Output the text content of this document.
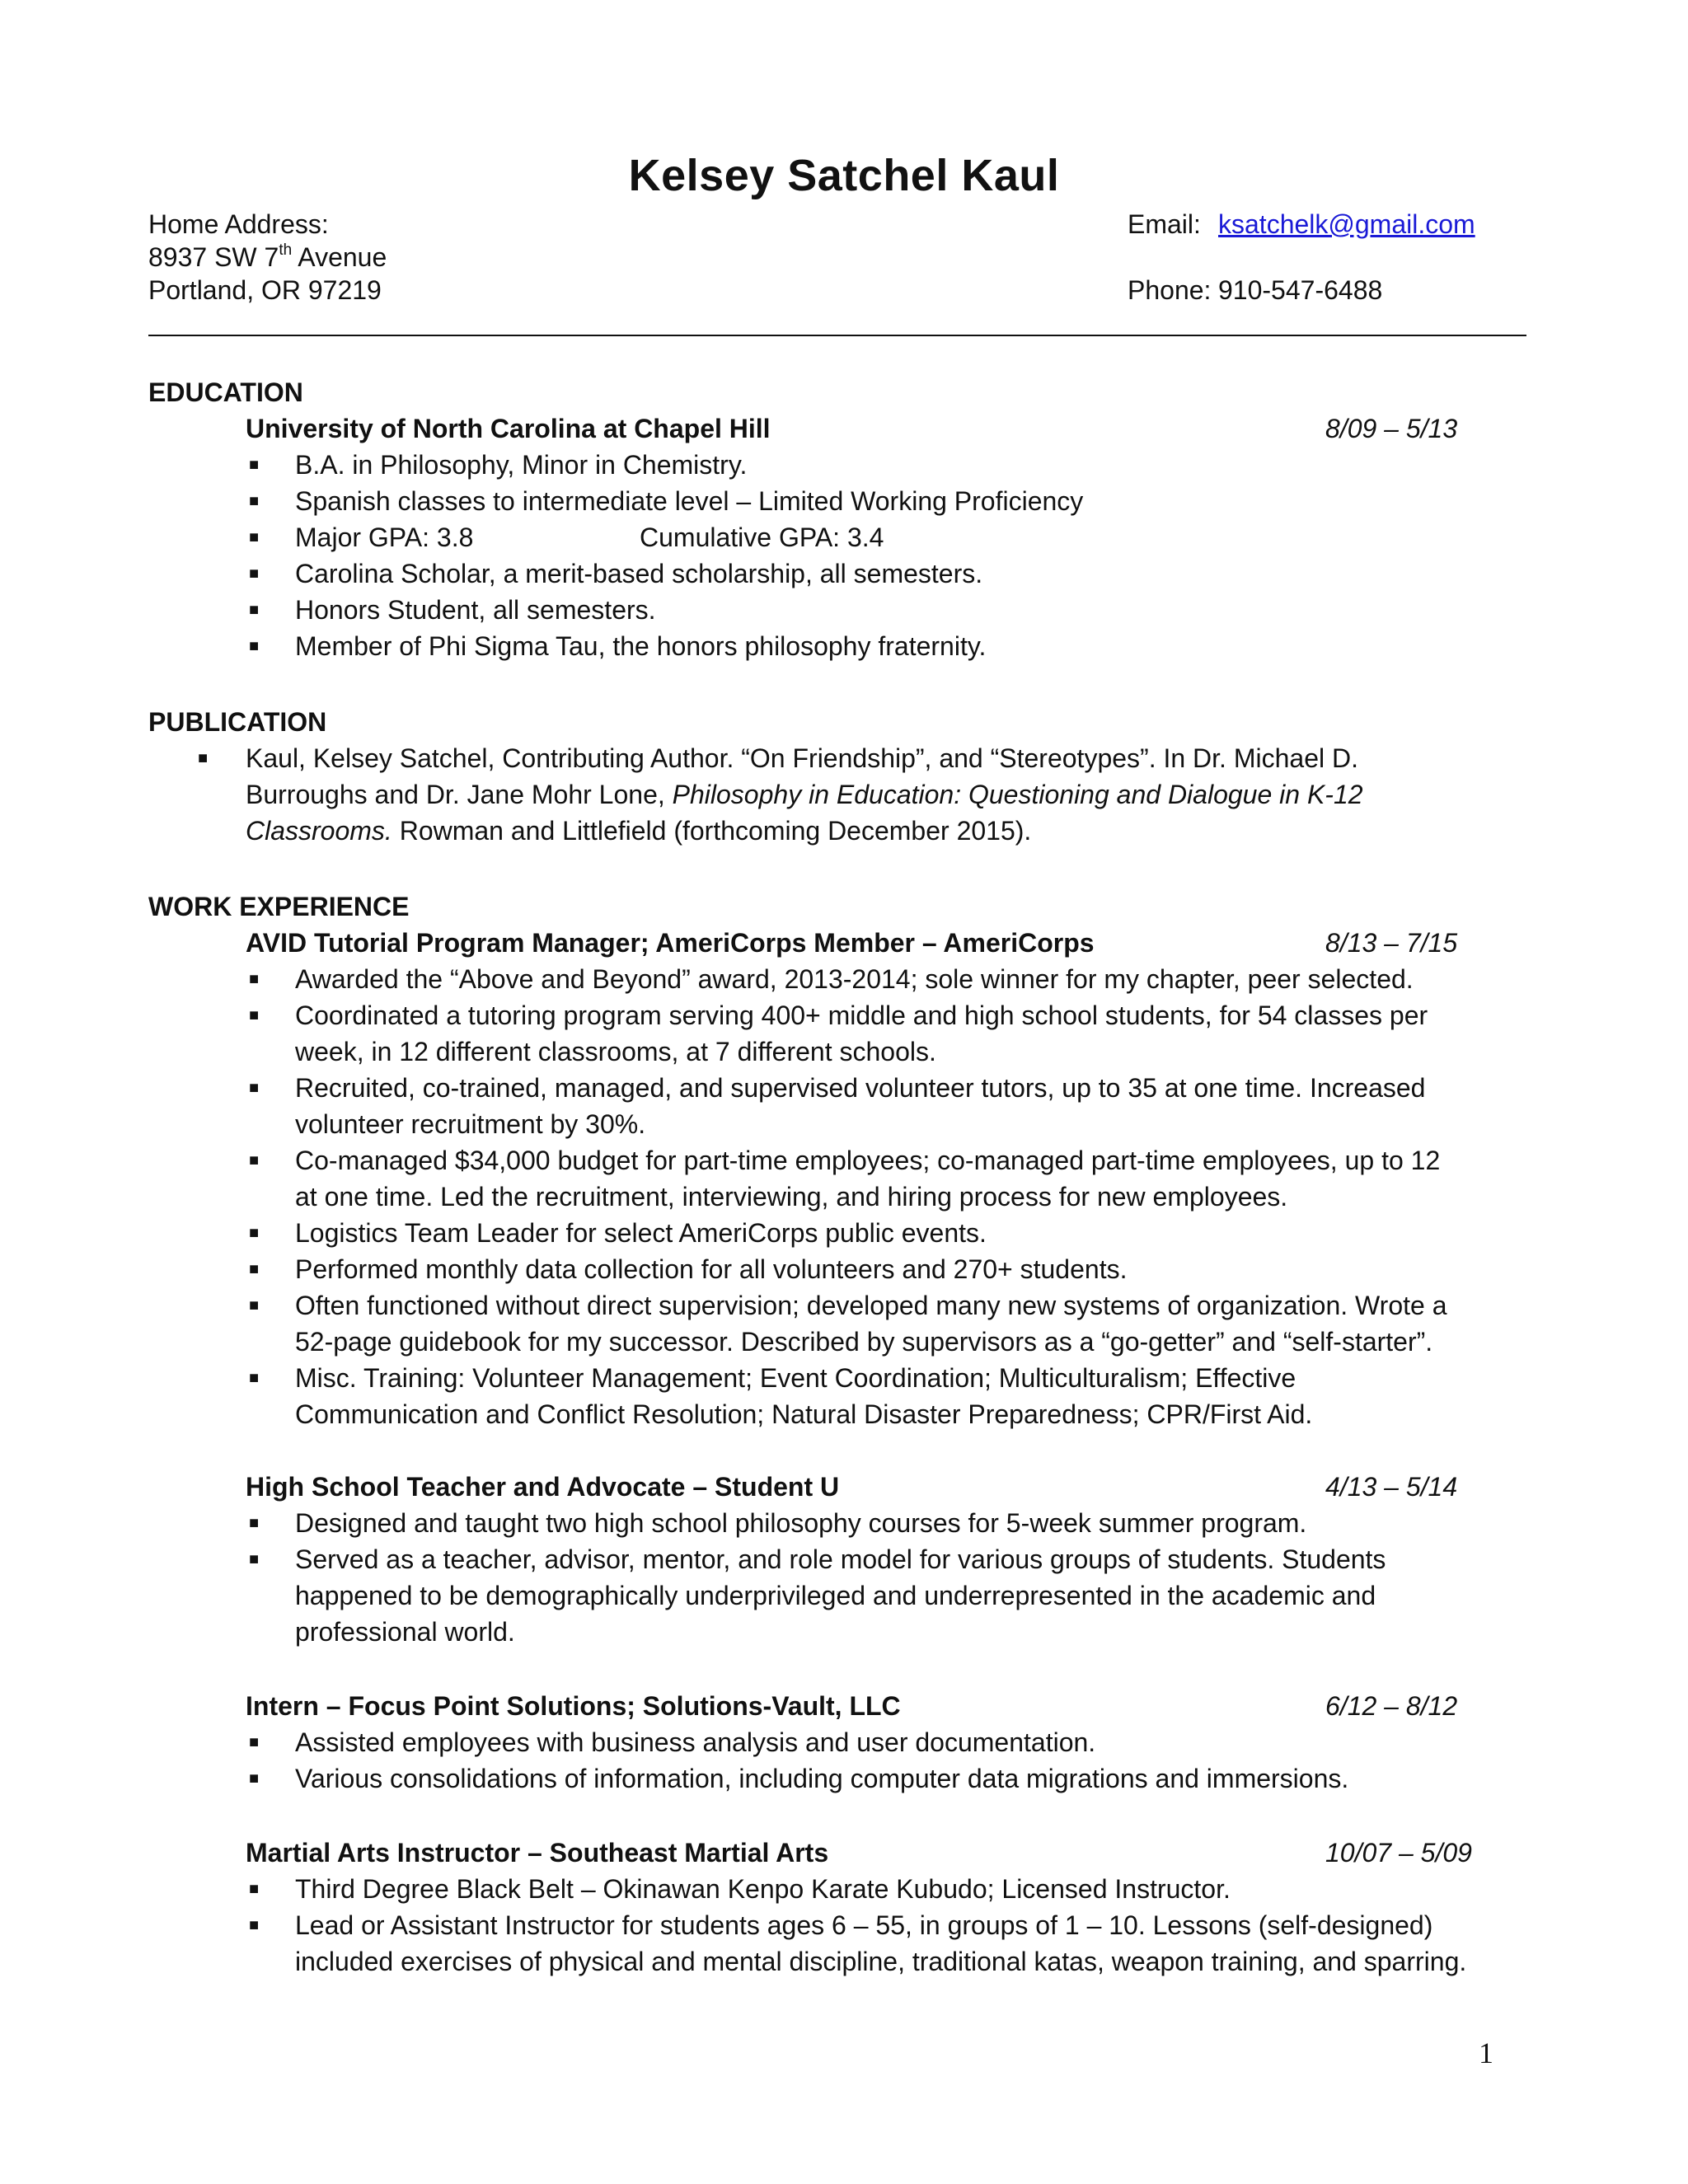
Kelsey Satchel Kaul
Home Address:
8937 SW 7th Avenue
Portland, OR 97219
Email: ksatchelk@gmail.com
Phone: 910-547-6488
EDUCATION
University of North Carolina at Chapel Hill	8/09 – 5/13
■ B.A. in Philosophy, Minor in Chemistry.
■ Spanish classes to intermediate level – Limited Working Proficiency
■ Major GPA: 3.8	Cumulative GPA: 3.4
■ Carolina Scholar, a merit-based scholarship, all semesters.
■ Honors Student, all semesters.
■ Member of Phi Sigma Tau, the honors philosophy fraternity.
PUBLICATION
■ Kaul, Kelsey Satchel, Contributing Author. “On Friendship”, and “Stereotypes”. In Dr. Michael D.
Burroughs and Dr. Jane Mohr Lone, Philosophy in Education: Questioning and Dialogue in K-12
Classrooms. Rowman and Littlefield (forthcoming December 2015).
WORK EXPERIENCE
AVID Tutorial Program Manager; AmeriCorps Member – AmeriCorps	8/13 – 7/15
■ Awarded the “Above and Beyond” award, 2013-2014; sole winner for my chapter, peer selected.
■ Coordinated a tutoring program serving 400+ middle and high school students, for 54 classes per
week, in 12 different classrooms, at 7 different schools.
■ Recruited, co-trained, managed, and supervised volunteer tutors, up to 35 at one time. Increased
volunteer recruitment by 30%.
■ Co-managed $34,000 budget for part-time employees; co-managed part-time employees, up to 12
at one time. Led the recruitment, interviewing, and hiring process for new employees.
■ Logistics Team Leader for select AmeriCorps public events.
■ Performed monthly data collection for all volunteers and 270+ students.
■ Often functioned without direct supervision; developed many new systems of organization. Wrote a
52-page guidebook for my successor. Described by supervisors as a “go-getter” and “self-starter”.
■ Misc. Training: Volunteer Management; Event Coordination; Multiculturalism; Effective
Communication and Conflict Resolution; Natural Disaster Preparedness; CPR/First Aid.
High School Teacher and Advocate – Student U	4/13 – 5/14
■ Designed and taught two high school philosophy courses for 5-week summer program.
■ Served as a teacher, advisor, mentor, and role model for various groups of students. Students
happened to be demographically underprivileged and underrepresented in the academic and
professional world.
Intern – Focus Point Solutions; Solutions-Vault, LLC	6/12 – 8/12
■ Assisted employees with business analysis and user documentation.
■ Various consolidations of information, including computer data migrations and immersions.
Martial Arts Instructor – Southeast Martial Arts	10/07 – 5/09
■ Third Degree Black Belt – Okinawan Kenpo Karate Kubudo; Licensed Instructor.
■ Lead or Assistant Instructor for students ages 6 – 55, in groups of 1 – 10. Lessons (self-designed)
included exercises of physical and mental discipline, traditional katas, weapon training, and sparring.
1
